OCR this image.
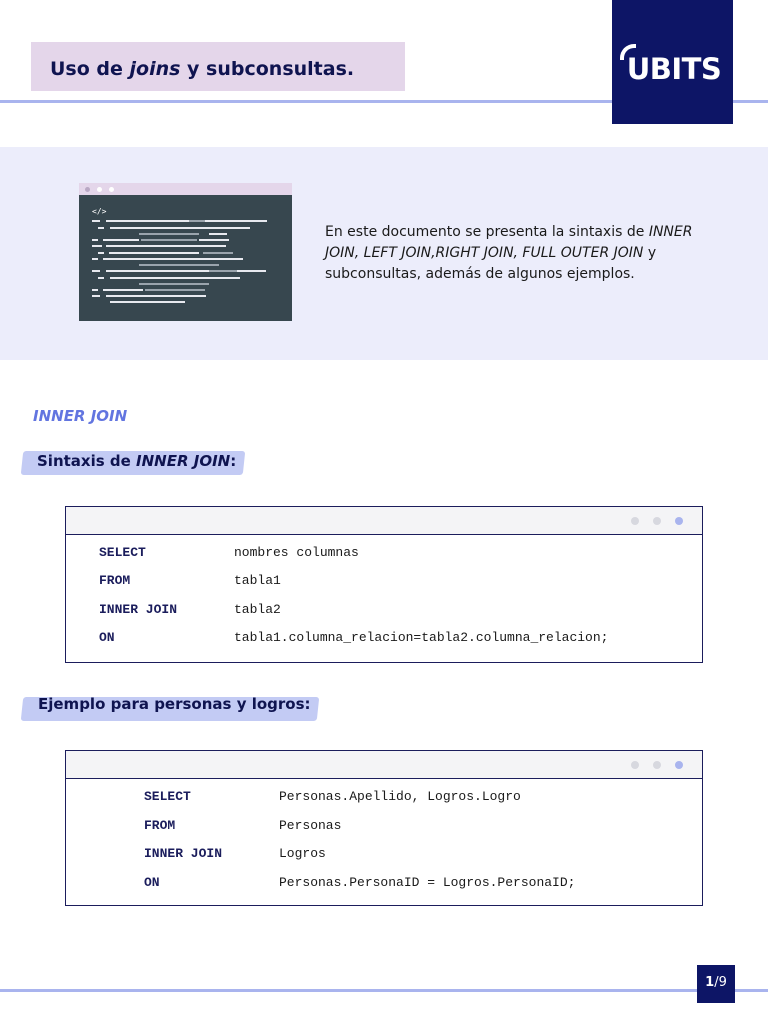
Uso de joins y subconsultas.	UBITS
</>
En este documento se presenta la sintaxis de INNER JOIN, LEFT JOIN,RIGHT JOIN, FULL OUTER JOIN y subconsultas, además de algunos ejemplos.
INNER JOIN
Sintaxis de INNER JOIN:
SELECT	nombres columnas
FROM	tabla1
INNER JOIN	tabla2
ON	tabla1.columna_relacion=tabla2.columna_relacion;
Ejemplo para personas y logros:
SELECT	Personas.Apellido, Logros.Logro
FROM	Personas
INNER JOIN	Logros
ON	Personas.PersonaID = Logros.PersonaID;
1/9
